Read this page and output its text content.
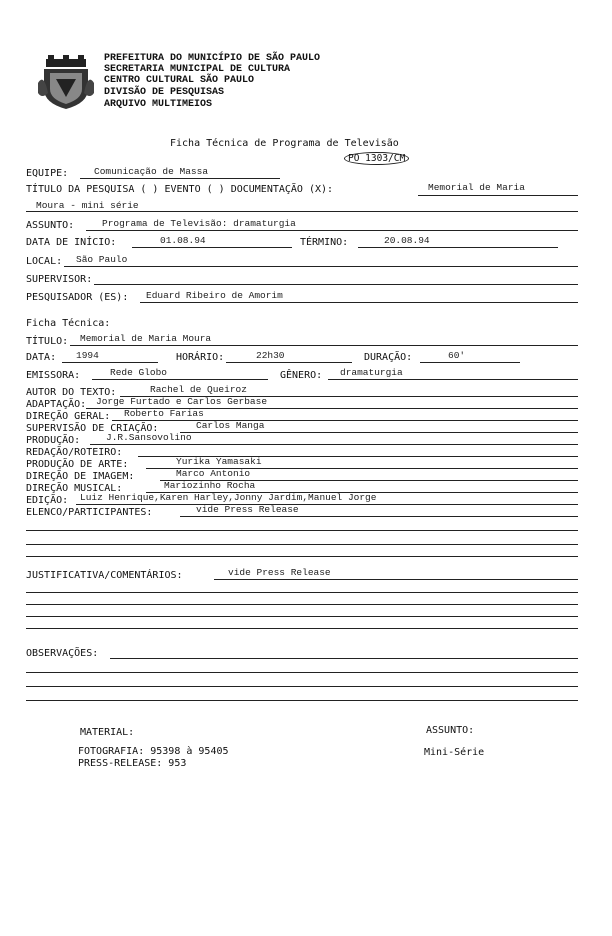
PREFEITURA DO MUNICÍPIO DE SÃO PAULO
SECRETARIA MUNICIPAL DE CULTURA
CENTRO CULTURAL SÃO PAULO
DIVISÃO DE PESQUISAS
ARQUIVO MULTIMEIOS
Ficha Técnica de Programa de Televisão
PO 1303/CM
EQUIPE:	Comunicação de Massa
TÍTULO DA PESQUISA ( ) EVENTO ( ) DOCUMENTAÇÃO (X):	Memorial de Maria
Moura - mini série
ASSUNTO:	Programa de Televisão: dramaturgia
DATA DE INÍCIO:	01.08.94	TÉRMINO:	20.08.94
LOCAL: São Paulo
SUPERVISOR:
PESQUISADOR (ES): Eduard Ribeiro de Amorim
Ficha Técnica:
TÍTULO: Memorial de Maria Moura
DATA: 1994	HORÁRIO:	22h30	DURAÇÃO:	60'
EMISSORA:	Rede Globo	GÊNERO: dramaturgia
AUTOR DO TEXTO:	Rachel de Queiroz
ADAPTAÇÃO: Jorge Furtado e Carlos Gerbase
DIREÇÃO GERAL: Roberto Farias
SUPERVISÃO DE CRIAÇÃO:	Carlos Manga
PRODUÇÃO:	J.R.Sansovolino
REDAÇÃO/ROTEIRO:
PRODUÇÃO DE ARTE:	Yurika Yamasaki
DIREÇÃO DE IMAGEM:	Marco Antonio
DIREÇÃO MUSICAL:	Mariozinho Rocha
EDIÇÃO: Luiz Henrique,Karen Harley,Jonny Jardim,Manuel Jorge
ELENCO/PARTICIPANTES:	vide Press Release
JUSTIFICATIVA/COMENTÁRIOS:	vide Press Release
OBSERVAÇÕES:
MATERIAL:
FOTOGRAFIA: 95398 à 95405
PRESS-RELEASE: 953
ASSUNTO:
Mini-Série
